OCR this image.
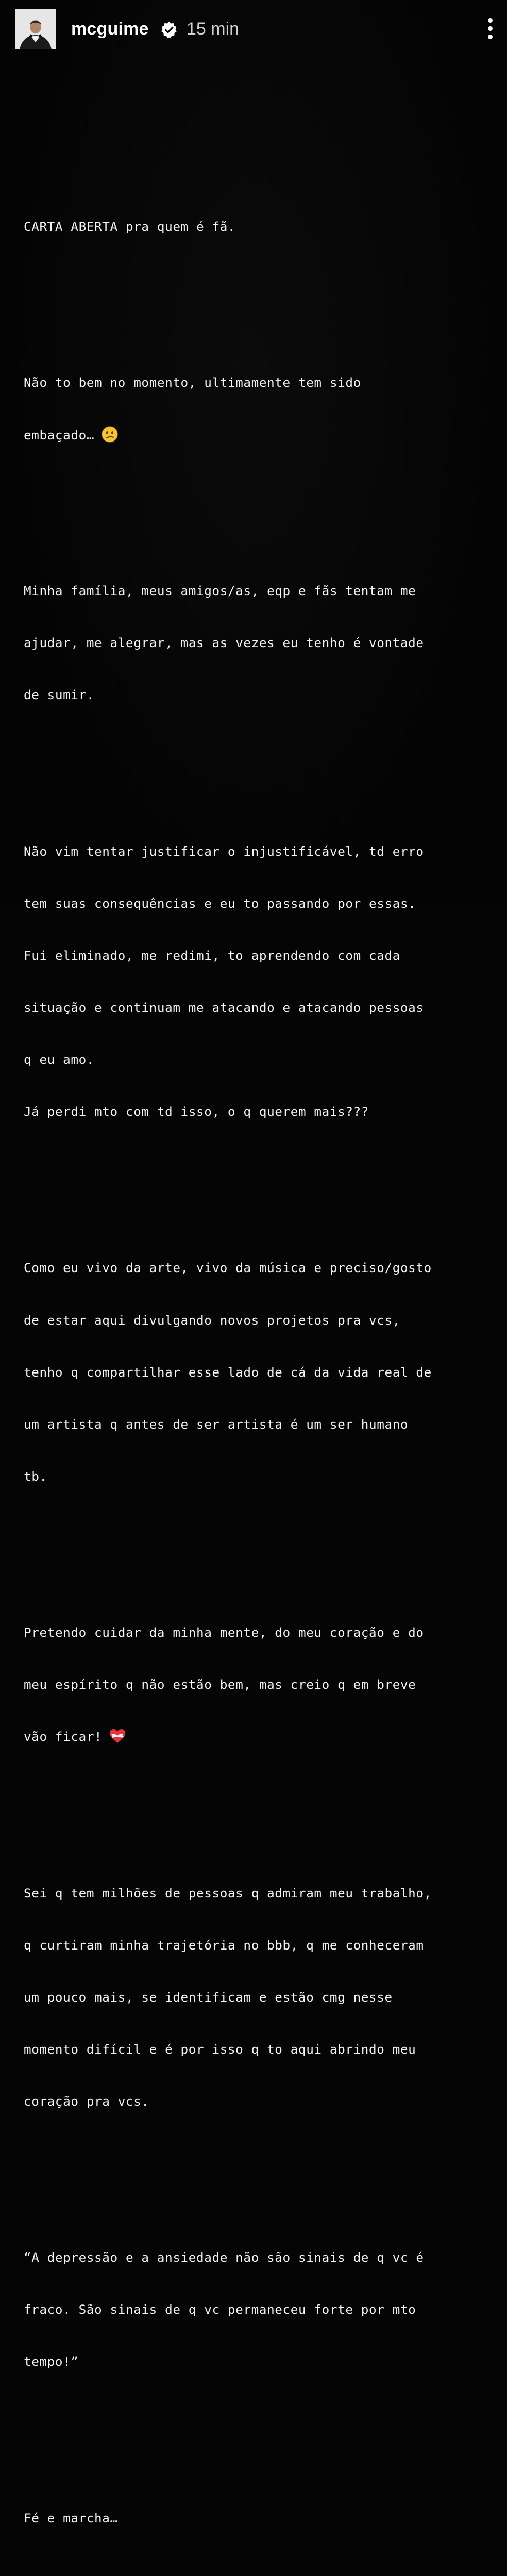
mcguime 15 min

CARTA ABERTA pra quem é fã.

Não to bem no momento, ultimamente tem sido

embaçado…

Minha família, meus amigos/as, eqp e fãs tentam me

ajudar, me alegrar, mas as vezes eu tenho é vontade

de sumir.

Não vim tentar justificar o injustificável, td erro

tem suas consequências e eu to passando por essas.

Fui eliminado, me redimi, to aprendendo com cada

situação e continuam me atacando e atacando pessoas

q eu amo.

Já perdi mto com td isso, o q querem mais???

Como eu vivo da arte, vivo da música e preciso/gosto

de estar aqui divulgando novos projetos pra vcs,

tenho q compartilhar esse lado de cá da vida real de

um artista q antes de ser artista é um ser humano

tb.

Pretendo cuidar da minha mente, do meu coração e do

meu espírito q não estão bem, mas creio q em breve

vão ficar!

Sei q tem milhões de pessoas q admiram meu trabalho,

q curtiram minha trajetória no bbb, q me conheceram

um pouco mais, se identificam e estão cmg nesse

momento difícil e é por isso q to aqui abrindo meu

coração pra vcs.

“A depressão e a ansiedade não são sinais de q vc é

fraco. São sinais de q vc permaneceu forte por mto

tempo!”

Fé e marcha…
